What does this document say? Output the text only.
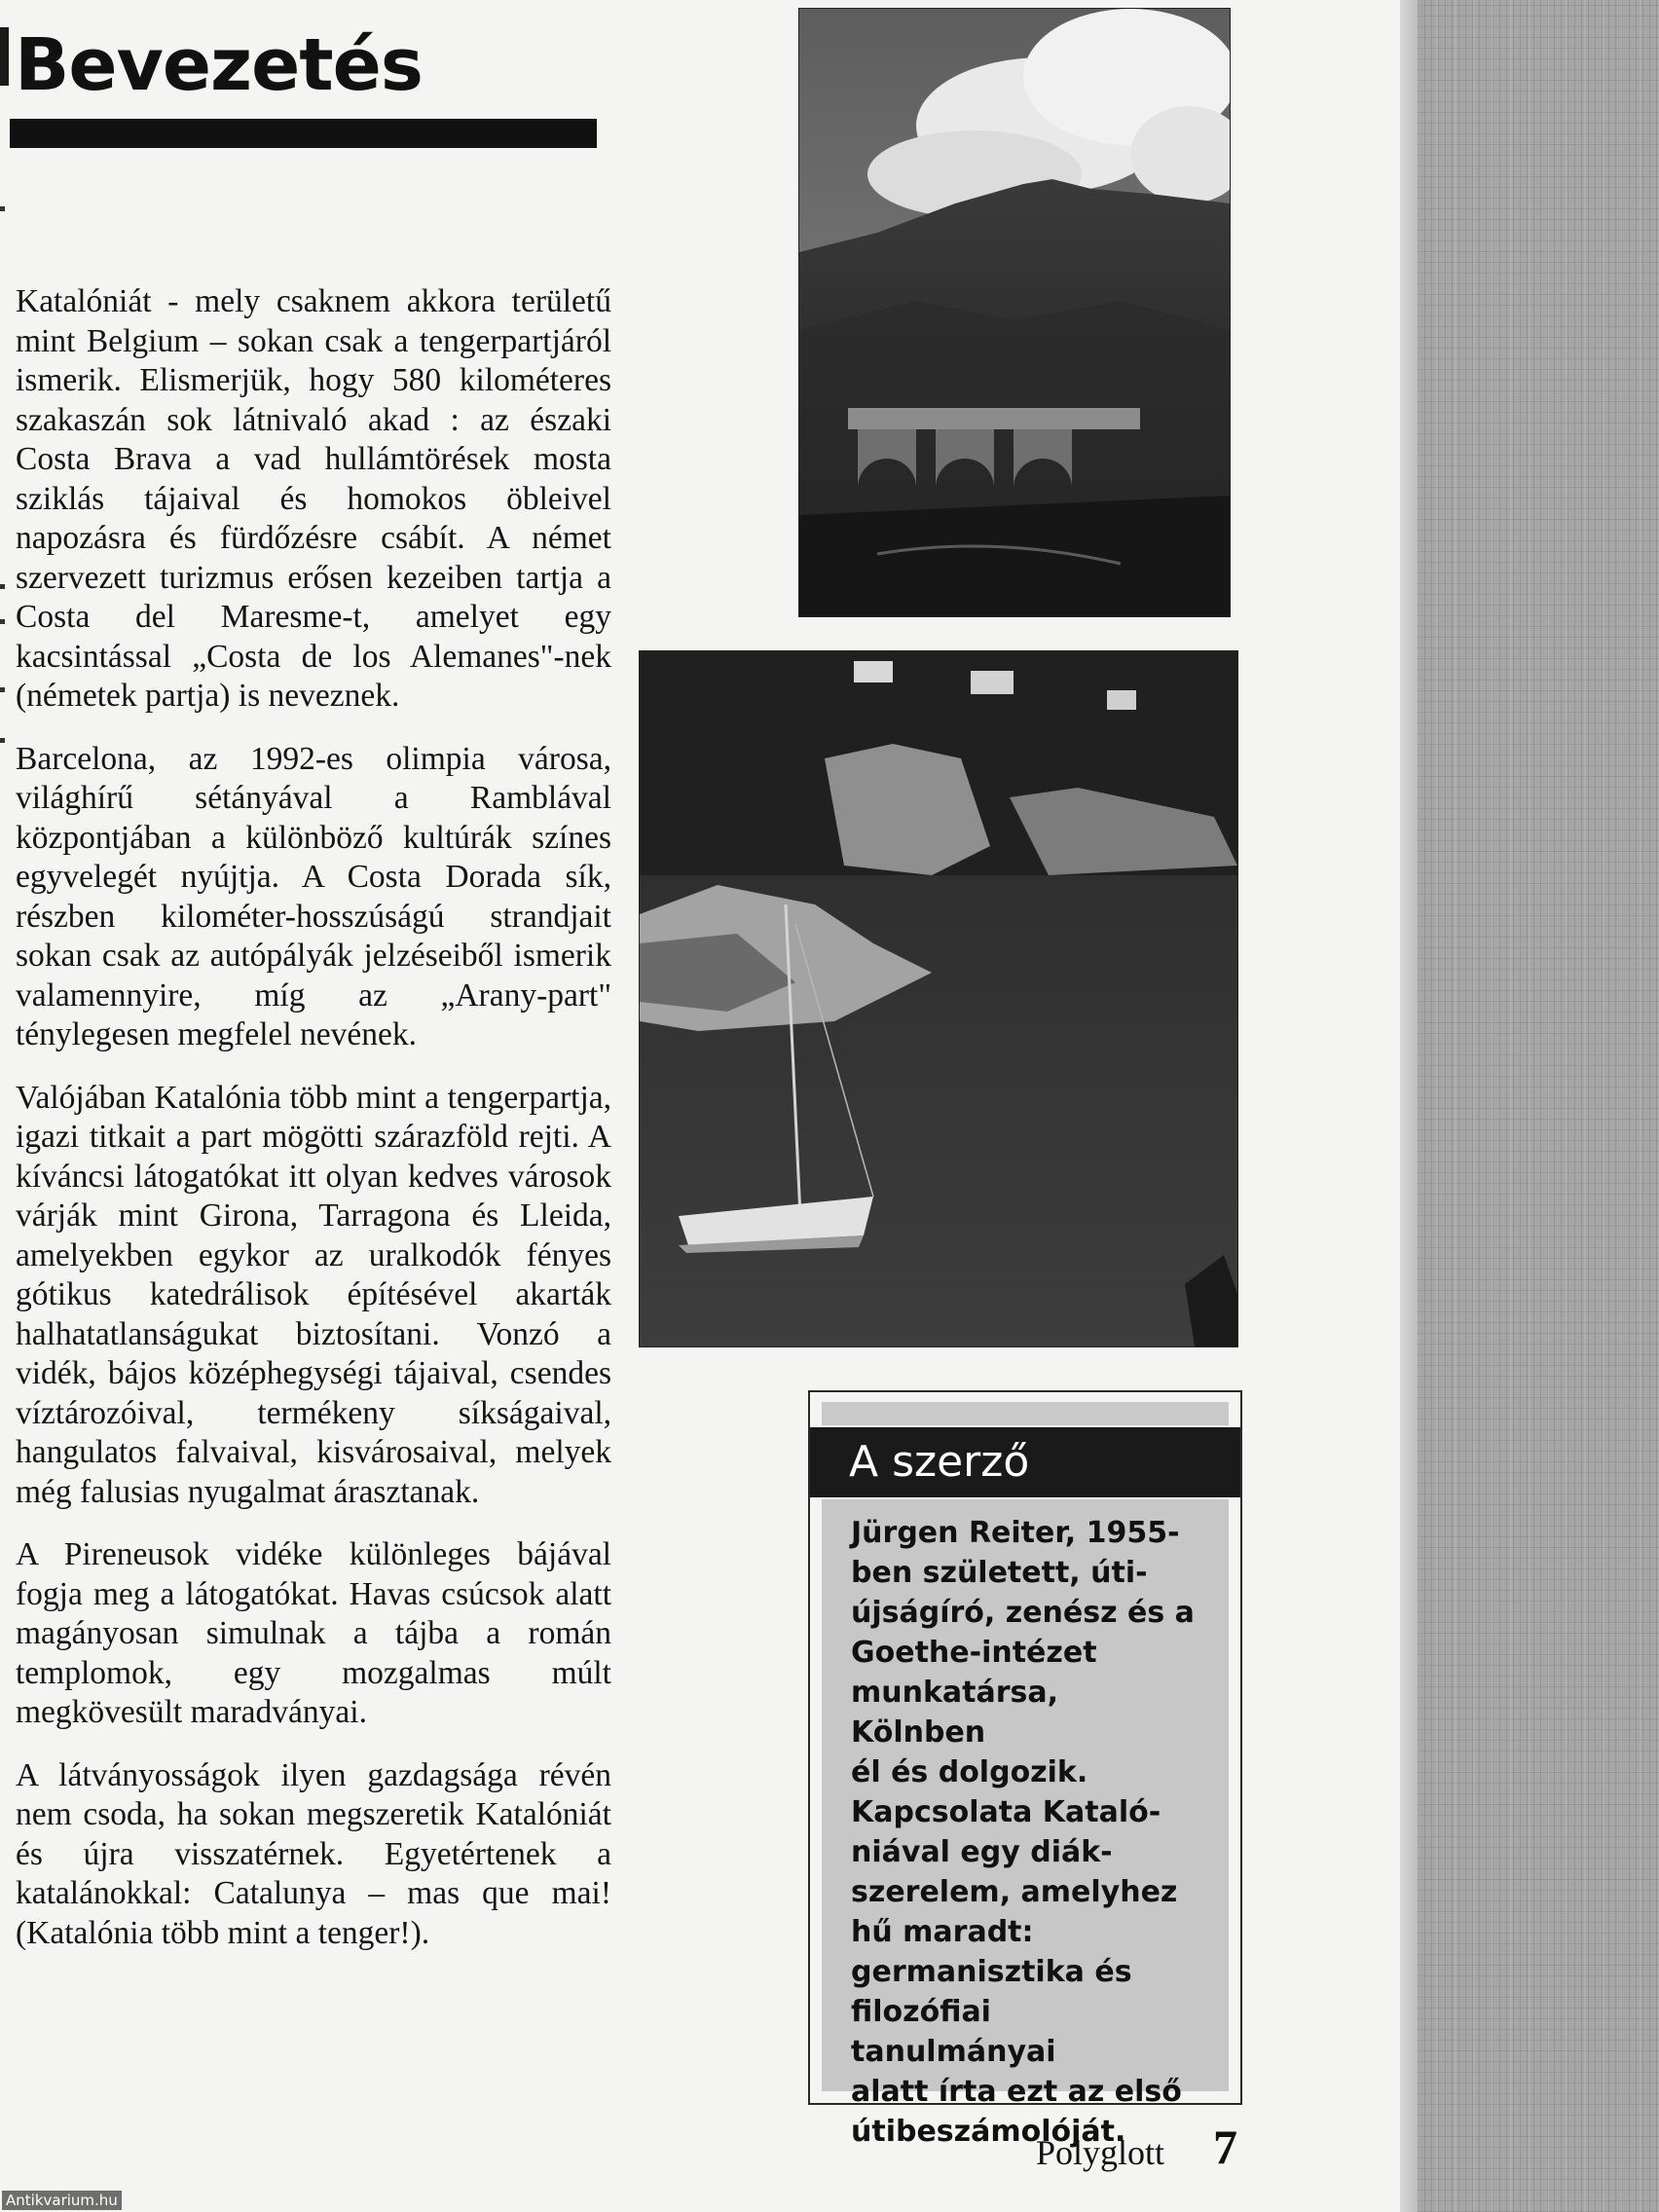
Bevezetés

Katalóniát - mely csaknem akkora területű mint Belgium – sokan csak a tengerpartjáról ismerik. Elismerjük, hogy 580 kilométeres szakaszán sok látnivaló akad : az északi Costa Brava a vad hullámtörések mosta sziklás tájaival és homokos öbleivel napozásra és fürdőzésre csábít. A német szervezett turizmus erősen kezeiben tartja a Costa del Maresme-t, amelyet egy kacsintással „Costa de los Alemanes"-nek (németek partja) is neveznek.

Barcelona, az 1992-es olimpia városa, világhírű sétányával a Ramblával központjában a különböző kultúrák színes egyvelegét nyújtja. A Costa Dorada sík, részben kilométer-hosszúságú strandjait sokan csak az autópályák jelzéseiből ismerik valamennyire, míg az „Arany-part" ténylegesen megfelel nevének.

Valójában Katalónia több mint a tengerpartja, igazi titkait a part mögötti szárazföld rejti. A kíváncsi látogatókat itt olyan kedves városok várják mint Girona, Tarragona és Lleida, amelyekben egykor az uralkodók fényes gótikus katedrálisok építésével akarták halhatatlanságukat biztosítani. Vonzó a vidék, bájos középhegységi tájaival, csendes víztározóival, termékeny síkságaival, hangulatos falvaival, kisvárosaival, melyek még falusias nyugalmat árasztanak.

A Pireneusok vidéke különleges bájával fogja meg a látogatókat. Havas csúcsok alatt magányosan simulnak a tájba a román templomok, egy mozgalmas múlt megkövesült maradványai.

A látványosságok ilyen gazdagsága révén nem csoda, ha sokan megszeretik Katalóniát és újra visszatérnek. Egyetértenek a katalánokkal: Catalunya – mas que mai! (Katalónia több mint a tenger!).

A szerző

Jürgen Reiter, 1955-
ben született, úti-
újságíró, zenész és a
Goethe-intézet
munkatársa, Kölnben
él és dolgozik.
Kapcsolata Kataló-
niával egy diák-
szerelem, amelyhez
hű maradt:
germanisztika és
filozófiai tanulmányai
alatt írta ezt az első
útibeszámolóját.

Polyglott 7
Antikvarium.hu
